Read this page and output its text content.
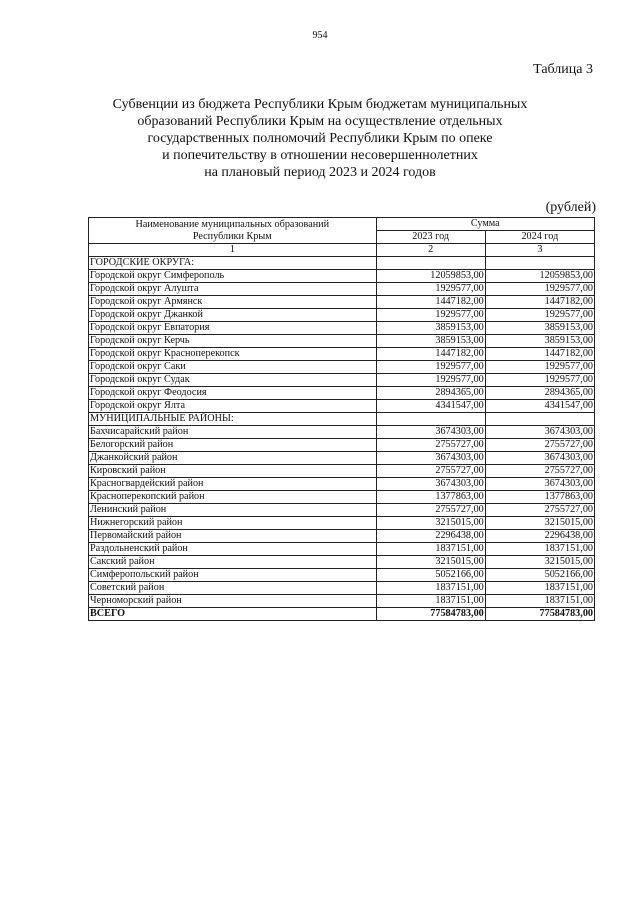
954
Таблица 3
Субвенции из бюджета Республики Крым бюджетам муниципальных
образований Республики Крым на осуществление отдельных
государственных полномочий Республики Крым по опеке
и попечительству в отношении несовершеннолетних
на плановый период 2023 и 2024 годов
(рублей)
Наименование муниципальных образований
Республики Крым	Сумма	
	2023 год	2024 год
1	2	3
ГОРОДСКИЕ ОКРУГА:		
Городской округ Симферополь	12059853,00	12059853,00
Городской округ Алушта	1929577,00	1929577,00
Городской округ Армянск	1447182,00	1447182,00
Городской округ Джанкой	1929577,00	1929577,00
Городской округ Евпатория	3859153,00	3859153,00
Городской округ Керчь	3859153,00	3859153,00
Городской округ Красноперекопск	1447182,00	1447182,00
Городской округ Саки	1929577,00	1929577,00
Городской округ Судак	1929577,00	1929577,00
Городской округ Феодосия	2894365,00	2894365,00
Городской округ Ялта	4341547,00	4341547,00
МУНИЦИПАЛЬНЫЕ РАЙОНЫ:		
Бахчисарайский район	3674303,00	3674303,00
Белогорский район	2755727,00	2755727,00
Джанкойский район	3674303,00	3674303,00
Кировский район	2755727,00	2755727,00
Красногвардейский район	3674303,00	3674303,00
Красноперекопский район	1377863,00	1377863,00
Ленинский район	2755727,00	2755727,00
Нижнегорский район	3215015,00	3215015,00
Первомайский район	2296438,00	2296438,00
Раздольненский район	1837151,00	1837151,00
Сакский район	3215015,00	3215015,00
Симферопольский район	5052166,00	5052166,00
Советский район	1837151,00	1837151,00
Черноморский район	1837151,00	1837151,00
ВСЕГО	77584783,00	77584783,00
